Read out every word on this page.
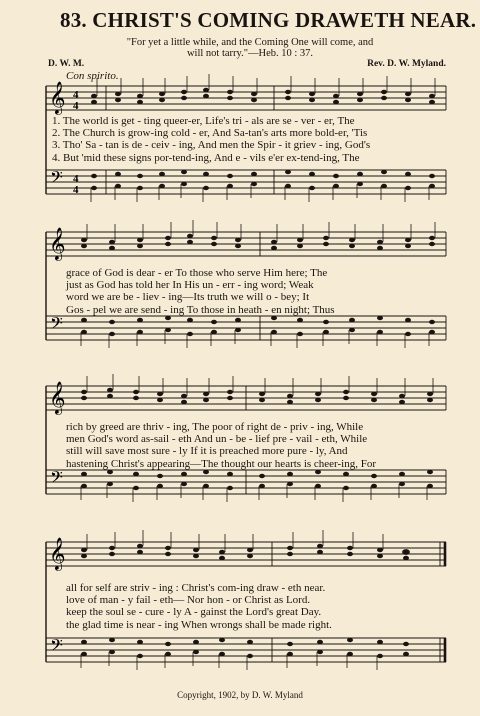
83. CHRIST'S COMING DRAWETH NEAR.
"For yet a little while, and the Coming One will come, and
will not tarry."—Heb. 10 : 37.
D. W. M.	Rev. D. W. Myland.
Con spirito.
𝄞
𝄢
4
4
4
4
1. The world is get - ting queer-er, Life's tri - als are se - ver - er, The
2. The Church is grow-ing cold - er, And Sa-tan's arts more bold-er, 'Tis
3. Tho' Sa - tan is de - ceiv - ing, And men the Spir - it griev - ing, God's
4. But 'mid these signs por-tend-ing, And e - vils e'er ex-tend-ing, The
𝄞
𝄢
grace of God is dear - er To those who serve Him here; The
just as God has told her In His un - err - ing word; Weak
word we are be - liev - ing—Its truth we will o - bey; It
Gos - pel we are send - ing To those in heath - en night; Thus
𝄞
𝄢
rich by greed are thriv - ing, The poor of right de - priv - ing, While
men God's word as-sail - eth And un - be - lief pre - vail - eth, While
still will save most sure - ly If it is preached more pure - ly, And
hastening Christ's appearing—The thought our hearts is cheer-ing, For
𝄞
𝄢
all for self are striv - ing : Christ's com-ing draw - eth near.
love of man - y fail - eth— Nor hon - or Christ as Lord.
keep the soul se - cure - ly A - gainst the Lord's great Day.
the glad time is near - ing When wrongs shall be made right.
Copyright, 1902, by D. W. Myland
